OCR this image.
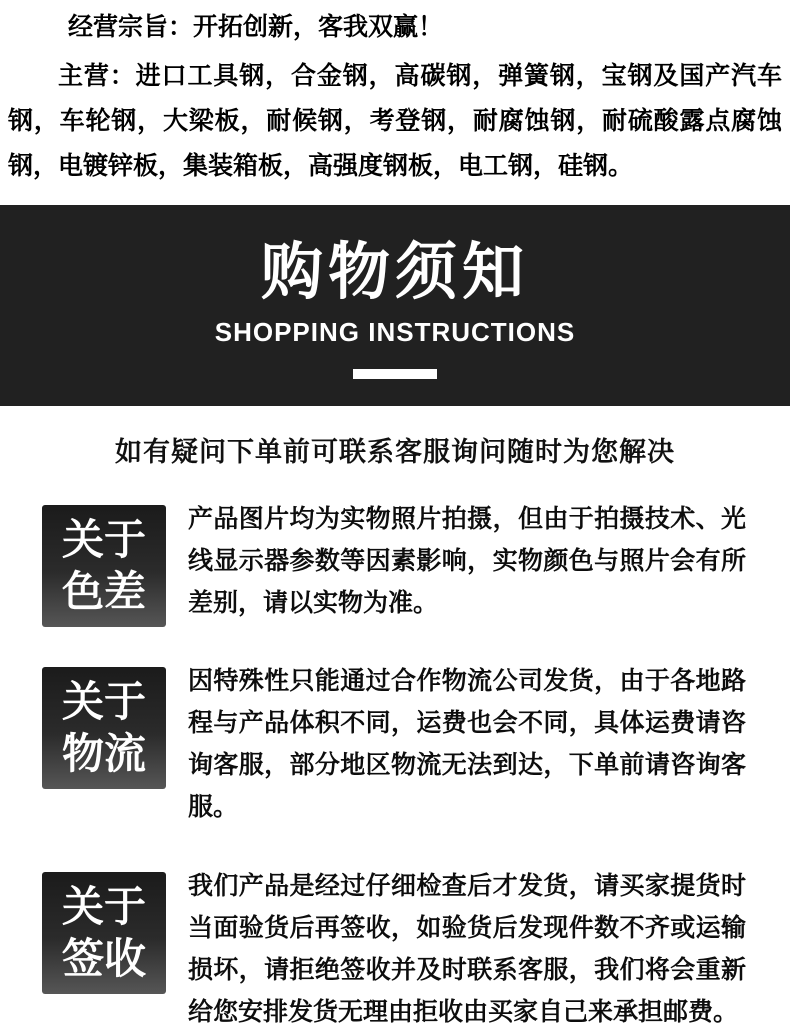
经营宗旨：开拓创新，客我双赢！

主营：进口工具钢，合金钢，高碳钢，弹簧钢，宝钢及国产汽车钢，车轮钢，大梁板，耐候钢，考登钢，耐腐蚀钢，耐硫酸露点腐蚀钢，电镀锌板，集装箱板，高强度钢板，电工钢，硅钢。

购物须知
SHOPPING INSTRUCTIONS
如有疑问下单前可联系客服询问随时为您解决
关于
色差
产品图片均为实物照片拍摄，但由于拍摄技术、光线显示器参数等因素影响，实物颜色与照片会有所差别，请以实物为准。
关于
物流
因特殊性只能通过合作物流公司发货，由于各地路程与产品体积不同，运费也会不同，具体运费请咨询客服，部分地区物流无法到达，下单前请咨询客服。
关于
签收
我们产品是经过仔细检查后才发货，请买家提货时当面验货后再签收，如验货后发现件数不齐或运输损坏，请拒绝签收并及时联系客服，我们将会重新给您安排发货无理由拒收由买家自己来承担邮费。
